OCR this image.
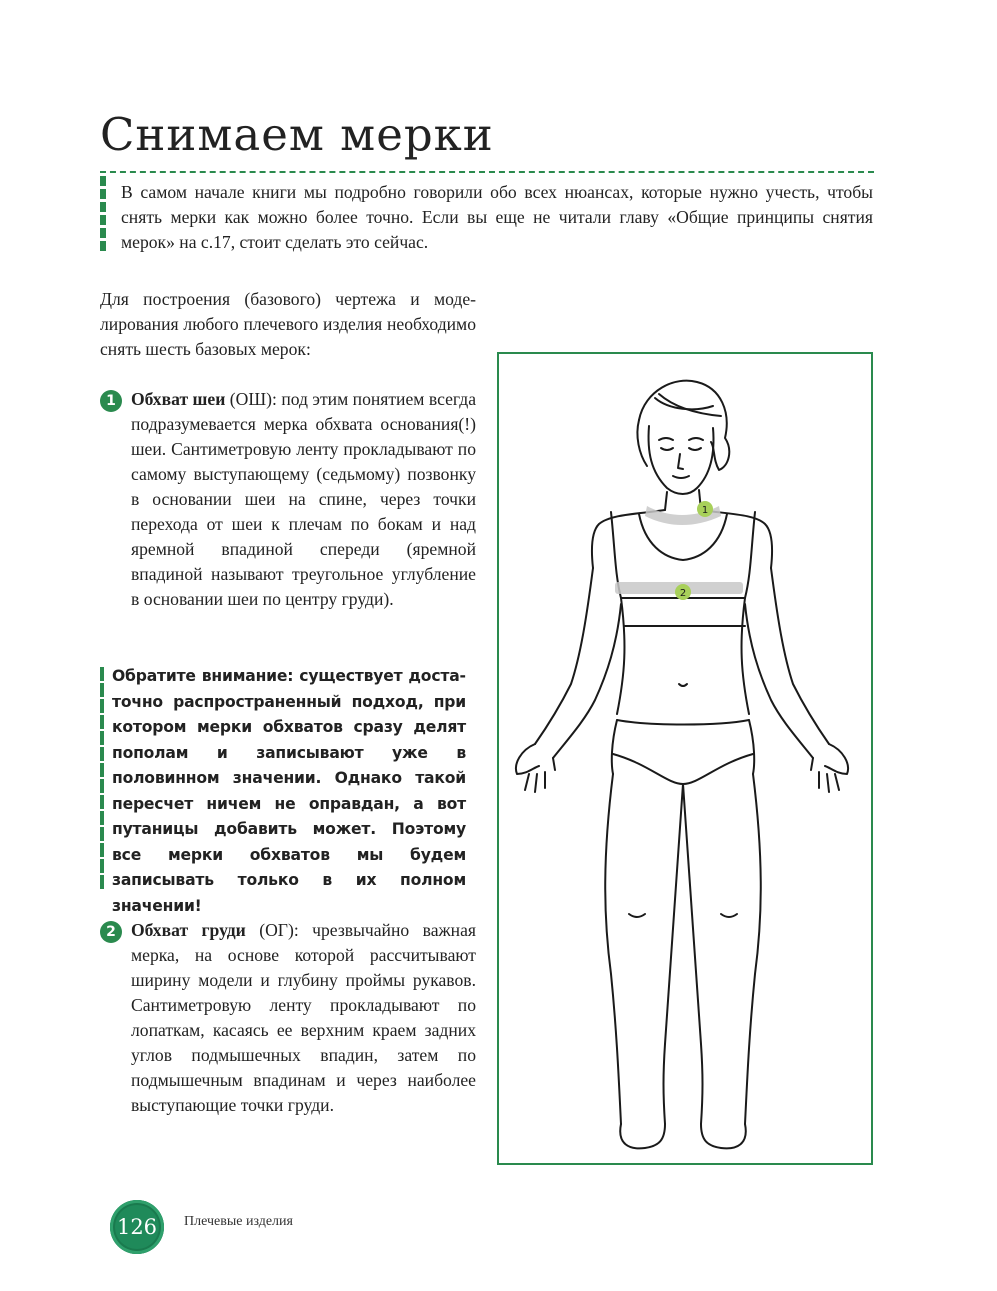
Снимаем мерки

В самом начале книги мы подробно говорили обо всех нюансах, которые нужно учесть, чтобы снять мерки как можно более точно. Если вы еще не читали главу «Общие принципы снятия мерок» на с.17, стоит сделать это сейчас.

Для построения (базового) чертежа и моделирования любого плечевого изделия необходимо снять шесть базовых мерок:

1 Обхват шеи (ОШ): под этим понятием всегда подразумевается мерка обхвата основания(!) шеи. Сантиметровую ленту прокладывают по самому выступающему (седьмому) позвонку в основании шеи на спине, через точки перехода от шеи к плечам по бокам и над яремной впадиной спереди (яремной впадиной называют треугольное углубление в основании шеи по центру груди).

Обратите внимание: существует достаточно распространенный подход, при котором мерки обхватов сразу делят пополам и записывают уже в половинном значении. Однако такой пересчет ничем не оправдан, а вот путаницы добавить может. Поэтому все мерки обхватов мы будем записывать только в их полном значении!

2 Обхват груди (ОГ): чрезвычайно важная мерка, на основе которой рассчитывают ширину модели и глубину проймы рукавов. Сантиметровую ленту прокладывают по лопаткам, касаясь ее верхним краем задних углов подмышечных впадин, затем по подмышечным впадинам и через наиболее выступающие точки груди.

1
2
126	Плечевые изделия
